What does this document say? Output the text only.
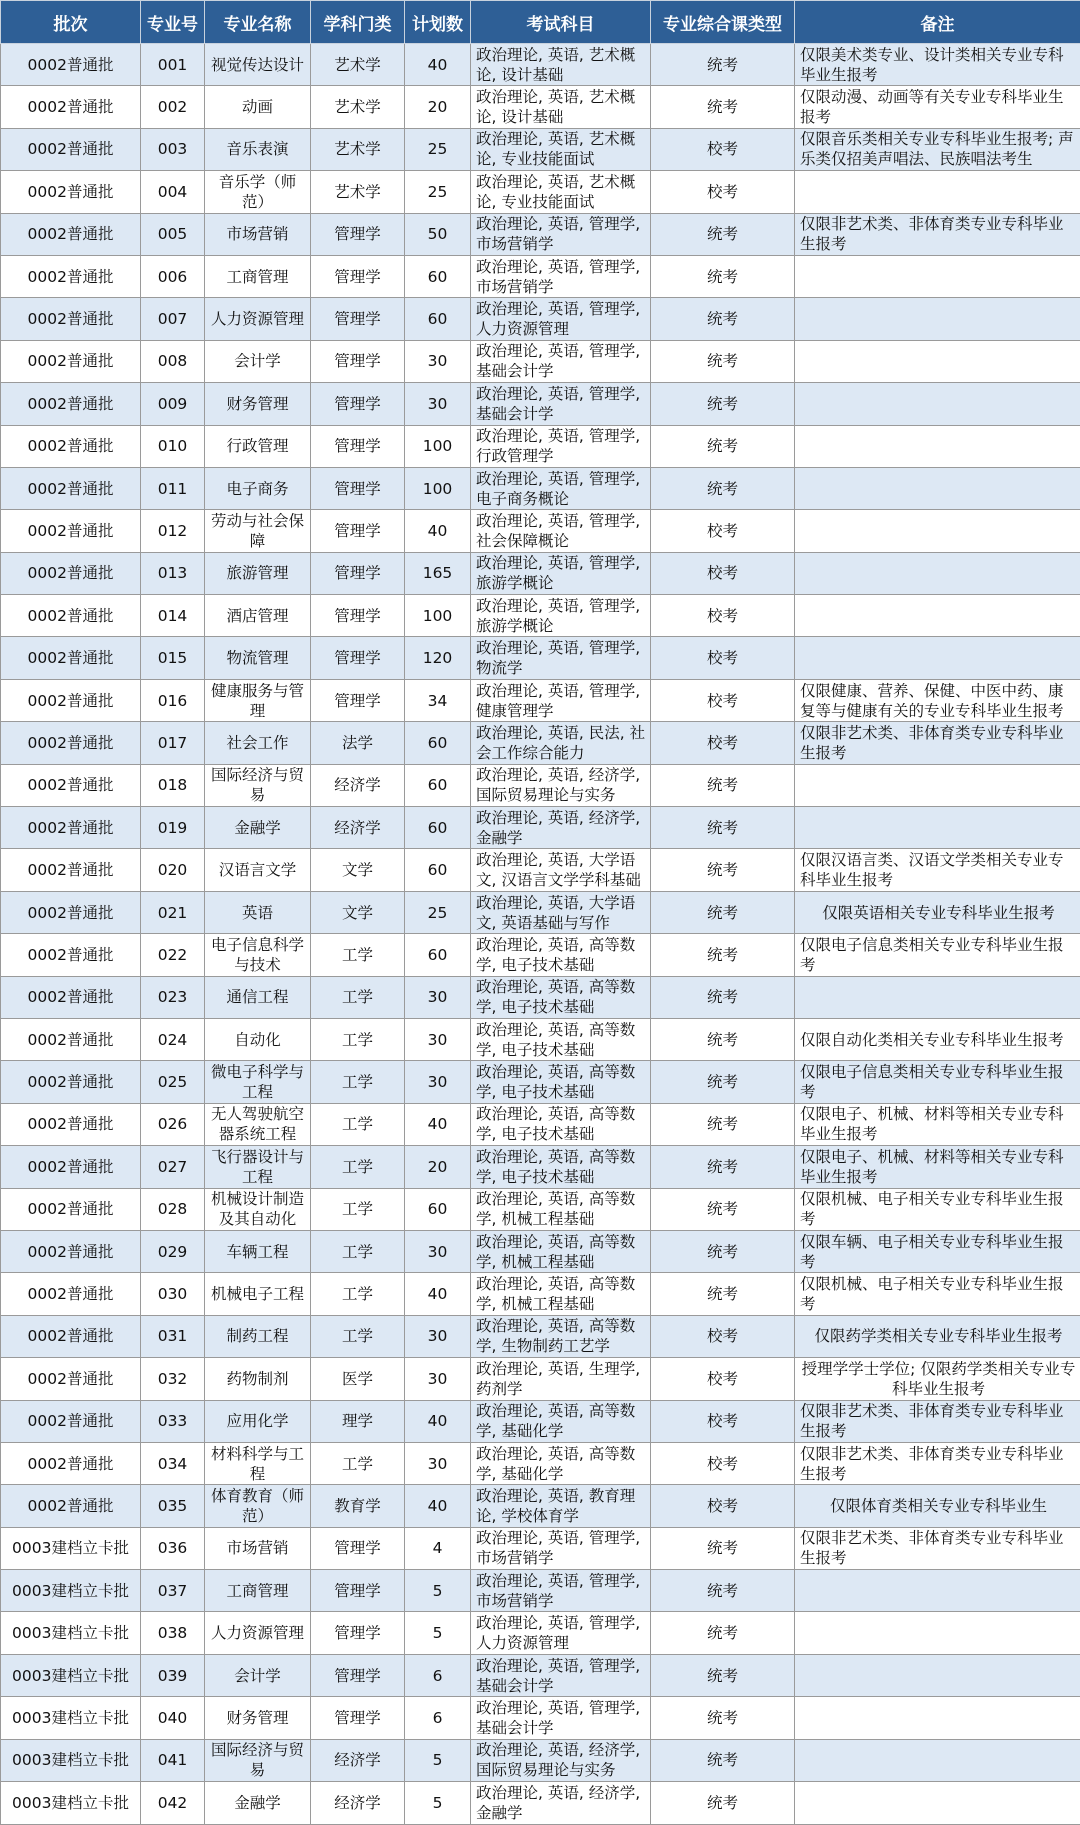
批次	专业号	专业名称	学科门类	计划数	考试科目	专业综合课类型	备注
0002普通批	001	视觉传达设计	艺术学	40	政治理论, 英语, 艺术概论, 设计基础	统考	仅限美术类专业、设计类相关专业专科毕业生报考
0002普通批	002	动画	艺术学	20	政治理论, 英语, 艺术概论, 设计基础	统考	仅限动漫、动画等有关专业专科毕业生报考
0002普通批	003	音乐表演	艺术学	25	政治理论, 英语, 艺术概论, 专业技能面试	校考	仅限音乐类相关专业专科毕业生报考; 声乐类仅招美声唱法、民族唱法考生
0002普通批	004	音乐学（师范）	艺术学	25	政治理论, 英语, 艺术概论, 专业技能面试	校考	
0002普通批	005	市场营销	管理学	50	政治理论, 英语, 管理学, 市场营销学	统考	仅限非艺术类、非体育类专业专科毕业生报考
0002普通批	006	工商管理	管理学	60	政治理论, 英语, 管理学, 市场营销学	统考	
0002普通批	007	人力资源管理	管理学	60	政治理论, 英语, 管理学, 人力资源管理	统考	
0002普通批	008	会计学	管理学	30	政治理论, 英语, 管理学, 基础会计学	统考	
0002普通批	009	财务管理	管理学	30	政治理论, 英语, 管理学, 基础会计学	统考	
0002普通批	010	行政管理	管理学	100	政治理论, 英语, 管理学, 行政管理学	统考	
0002普通批	011	电子商务	管理学	100	政治理论, 英语, 管理学, 电子商务概论	统考	
0002普通批	012	劳动与社会保障	管理学	40	政治理论, 英语, 管理学, 社会保障概论	校考	
0002普通批	013	旅游管理	管理学	165	政治理论, 英语, 管理学, 旅游学概论	校考	
0002普通批	014	酒店管理	管理学	100	政治理论, 英语, 管理学, 旅游学概论	校考	
0002普通批	015	物流管理	管理学	120	政治理论, 英语, 管理学, 物流学	校考	
0002普通批	016	健康服务与管理	管理学	34	政治理论, 英语, 管理学, 健康管理学	校考	仅限健康、营养、保健、中医中药、康复等与健康有关的专业专科毕业生报考
0002普通批	017	社会工作	法学	60	政治理论, 英语, 民法, 社会工作综合能力	校考	仅限非艺术类、非体育类专业专科毕业生报考
0002普通批	018	国际经济与贸易	经济学	60	政治理论, 英语, 经济学, 国际贸易理论与实务	统考	
0002普通批	019	金融学	经济学	60	政治理论, 英语, 经济学, 金融学	统考	
0002普通批	020	汉语言文学	文学	60	政治理论, 英语, 大学语文, 汉语言文学学科基础	统考	仅限汉语言类、汉语文学类相关专业专科毕业生报考
0002普通批	021	英语	文学	25	政治理论, 英语, 大学语文, 英语基础与写作	统考	仅限英语相关专业专科毕业生报考
0002普通批	022	电子信息科学与技术	工学	60	政治理论, 英语, 高等数学, 电子技术基础	统考	仅限电子信息类相关专业专科毕业生报考
0002普通批	023	通信工程	工学	30	政治理论, 英语, 高等数学, 电子技术基础	统考	
0002普通批	024	自动化	工学	30	政治理论, 英语, 高等数学, 电子技术基础	统考	仅限自动化类相关专业专科毕业生报考
0002普通批	025	微电子科学与工程	工学	30	政治理论, 英语, 高等数学, 电子技术基础	统考	仅限电子信息类相关专业专科毕业生报考
0002普通批	026	无人驾驶航空器系统工程	工学	40	政治理论, 英语, 高等数学, 电子技术基础	统考	仅限电子、机械、材料等相关专业专科毕业生报考
0002普通批	027	飞行器设计与工程	工学	20	政治理论, 英语, 高等数学, 电子技术基础	统考	仅限电子、机械、材料等相关专业专科毕业生报考
0002普通批	028	机械设计制造及其自动化	工学	60	政治理论, 英语, 高等数学, 机械工程基础	统考	仅限机械、电子相关专业专科毕业生报考
0002普通批	029	车辆工程	工学	30	政治理论, 英语, 高等数学, 机械工程基础	统考	仅限车辆、电子相关专业专科毕业生报考
0002普通批	030	机械电子工程	工学	40	政治理论, 英语, 高等数学, 机械工程基础	统考	仅限机械、电子相关专业专科毕业生报考
0002普通批	031	制药工程	工学	30	政治理论, 英语, 高等数学, 生物制药工艺学	校考	仅限药学类相关专业专科毕业生报考
0002普通批	032	药物制剂	医学	30	政治理论, 英语, 生理学, 药剂学	校考	授理学学士学位; 仅限药学类相关专业专科毕业生报考
0002普通批	033	应用化学	理学	40	政治理论, 英语, 高等数学, 基础化学	校考	仅限非艺术类、非体育类专业专科毕业生报考
0002普通批	034	材料科学与工程	工学	30	政治理论, 英语, 高等数学, 基础化学	校考	仅限非艺术类、非体育类专业专科毕业生报考
0002普通批	035	体育教育（师范）	教育学	40	政治理论, 英语, 教育理论, 学校体育学	校考	仅限体育类相关专业专科毕业生
0003建档立卡批	036	市场营销	管理学	4	政治理论, 英语, 管理学, 市场营销学	统考	仅限非艺术类、非体育类专业专科毕业生报考
0003建档立卡批	037	工商管理	管理学	5	政治理论, 英语, 管理学, 市场营销学	统考	
0003建档立卡批	038	人力资源管理	管理学	5	政治理论, 英语, 管理学, 人力资源管理	统考	
0003建档立卡批	039	会计学	管理学	6	政治理论, 英语, 管理学, 基础会计学	统考	
0003建档立卡批	040	财务管理	管理学	6	政治理论, 英语, 管理学, 基础会计学	统考	
0003建档立卡批	041	国际经济与贸易	经济学	5	政治理论, 英语, 经济学, 国际贸易理论与实务	统考	
0003建档立卡批	042	金融学	经济学	5	政治理论, 英语, 经济学, 金融学	统考	
